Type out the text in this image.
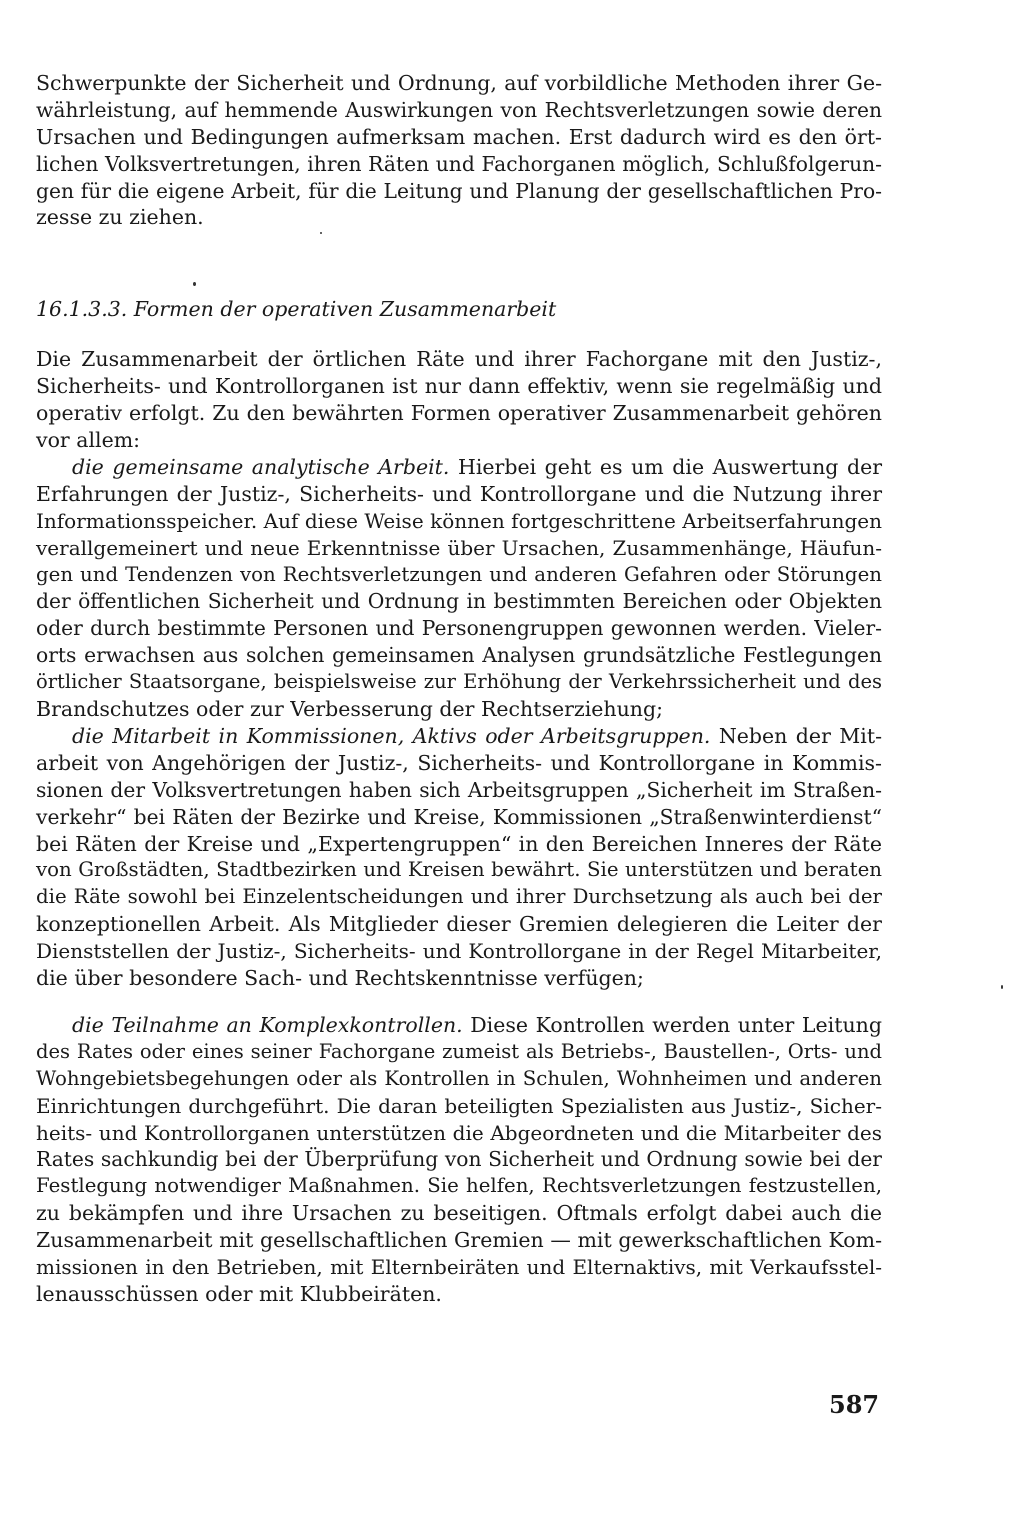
Schwerpunkte der Sicherheit und Ordnung, auf vorbildliche Methoden ihrer Ge-
währleistung, auf hemmende Auswirkungen von Rechtsverletzungen sowie deren
Ursachen und Bedingungen aufmerksam machen. Erst dadurch wird es den ört-
lichen Volksvertretungen, ihren Räten und Fachorganen möglich, Schlußfolgerun-
gen für die eigene Arbeit, für die Leitung und Planung der gesellschaftlichen Pro-
zesse zu ziehen.
16.1.3.3. Formen der operativen Zusammenarbeit
Die Zusammenarbeit der örtlichen Räte und ihrer Fachorgane mit den Justiz-,
Sicherheits- und Kontrollorganen ist nur dann effektiv, wenn sie regelmäßig und
operativ erfolgt. Zu den bewährten Formen operativer Zusammenarbeit gehören
vor allem:
die gemeinsame analytische Arbeit. Hierbei geht es um die Auswertung der
Erfahrungen der Justiz-, Sicherheits- und Kontrollorgane und die Nutzung ihrer
Informationsspeicher. Auf diese Weise können fortgeschrittene Arbeitserfahrungen
verallgemeinert und neue Erkenntnisse über Ursachen, Zusammenhänge, Häufun-
gen und Tendenzen von Rechtsverletzungen und anderen Gefahren oder Störungen
der öffentlichen Sicherheit und Ordnung in bestimmten Bereichen oder Objekten
oder durch bestimmte Personen und Personengruppen gewonnen werden. Vieler-
orts erwachsen aus solchen gemeinsamen Analysen grundsätzliche Festlegungen
örtlicher Staatsorgane, beispielsweise zur Erhöhung der Verkehrssicherheit und des
Brandschutzes oder zur Verbesserung der Rechtserziehung;
die Mitarbeit in Kommissionen, Aktivs oder Arbeitsgruppen. Neben der Mit-
arbeit von Angehörigen der Justiz-, Sicherheits- und Kontrollorgane in Kommis-
sionen der Volksvertretungen haben sich Arbeitsgruppen „Sicherheit im Straßen-
verkehr“ bei Räten der Bezirke und Kreise, Kommissionen „Straßenwinterdienst“
bei Räten der Kreise und „Expertengruppen“ in den Bereichen Inneres der Räte
von Großstädten, Stadtbezirken und Kreisen bewährt. Sie unterstützen und beraten
die Räte sowohl bei Einzelentscheidungen und ihrer Durchsetzung als auch bei der
konzeptionellen Arbeit. Als Mitglieder dieser Gremien delegieren die Leiter der
Dienststellen der Justiz-, Sicherheits- und Kontrollorgane in der Regel Mitarbeiter,
die über besondere Sach- und Rechtskenntnisse verfügen;
die Teilnahme an Komplexkontrollen. Diese Kontrollen werden unter Leitung
des Rates oder eines seiner Fachorgane zumeist als Betriebs-, Baustellen-, Orts- und
Wohngebietsbegehungen oder als Kontrollen in Schulen, Wohnheimen und anderen
Einrichtungen durchgeführt. Die daran beteiligten Spezialisten aus Justiz-, Sicher-
heits- und Kontrollorganen unterstützen die Abgeordneten und die Mitarbeiter des
Rates sachkundig bei der Überprüfung von Sicherheit und Ordnung sowie bei der
Festlegung notwendiger Maßnahmen. Sie helfen, Rechtsverletzungen festzustellen,
zu bekämpfen und ihre Ursachen zu beseitigen. Oftmals erfolgt dabei auch die
Zusammenarbeit mit gesellschaftlichen Gremien — mit gewerkschaftlichen Kom-
missionen in den Betrieben, mit Elternbeiräten und Elternaktivs, mit Verkaufsstel-
lenausschüssen oder mit Klubbeiräten.
587
